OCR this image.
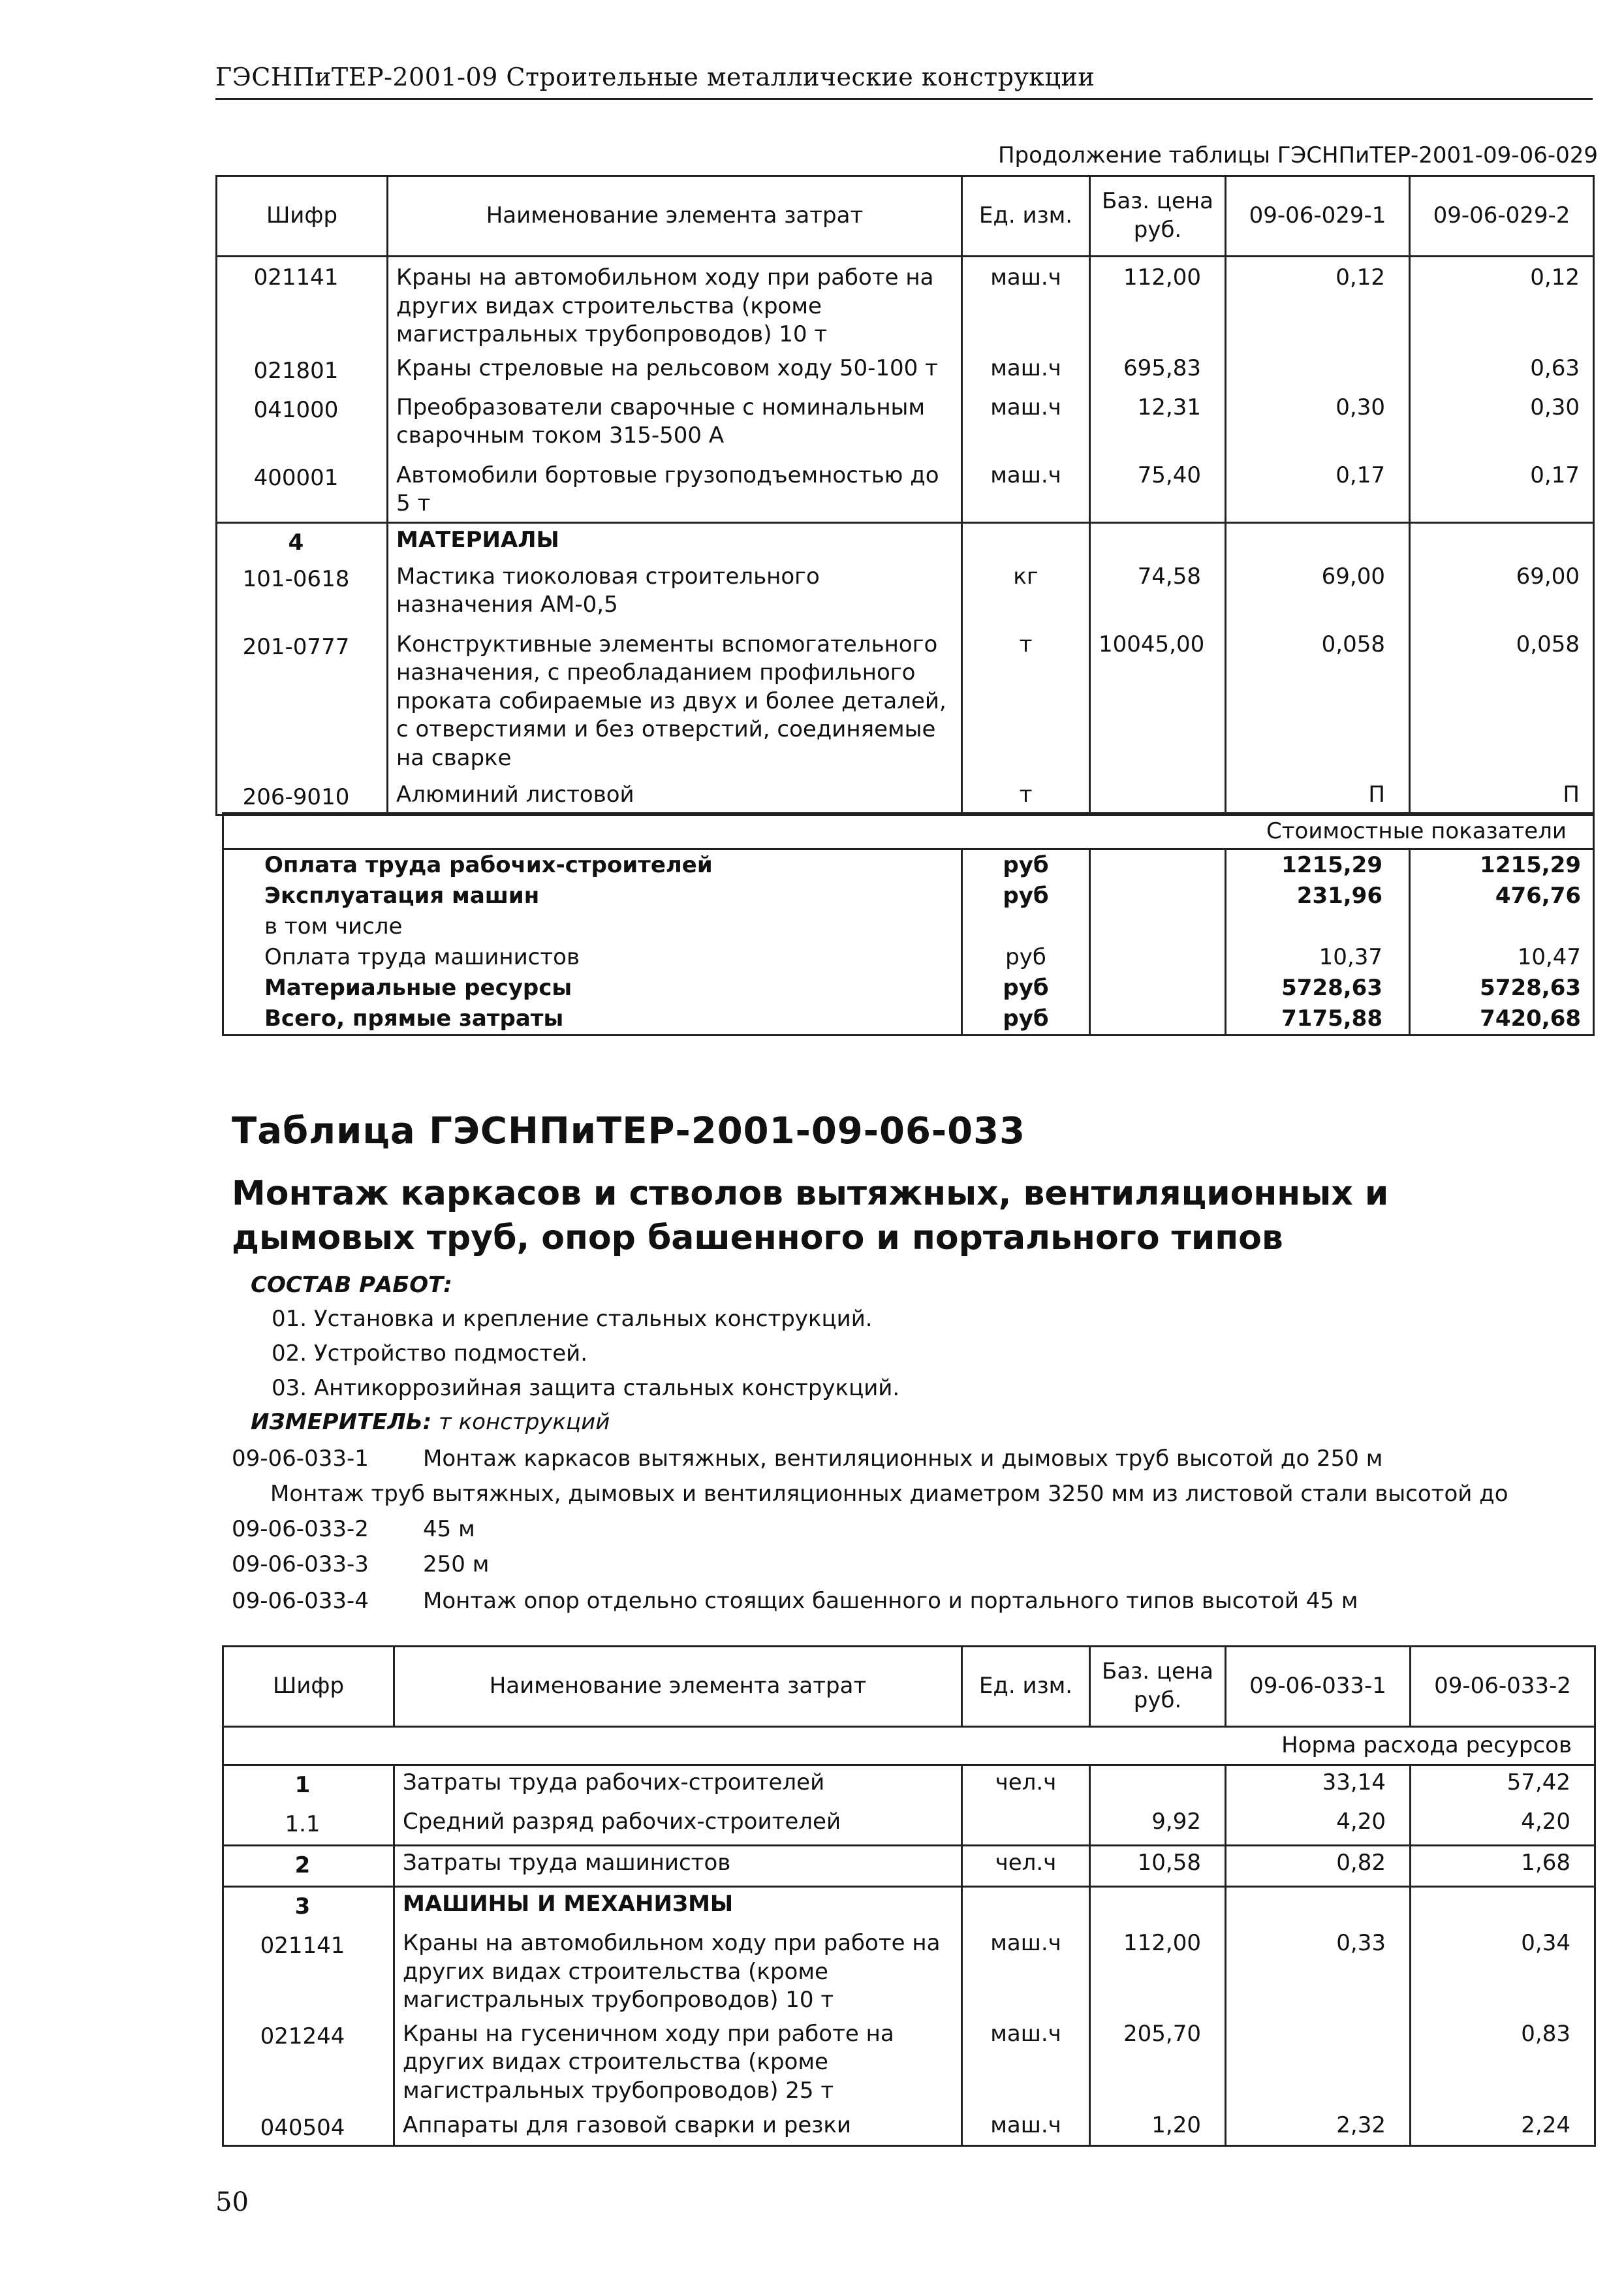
ГЭСНПиТЕР-2001-09 Строительные металлические конструкции
Продолжение таблицы ГЭСНПиТЕР-2001-09-06-029
Шифр	Наименование элемента затрат	Ед. изм.	Баз. цена руб.	09-06-029-1	09-06-029-2
021141	Краны на автомобильном ходу при работе на других видах строительства (кроме магистральных трубопроводов) 10 т	маш.ч	112,00	0,12	0,12
021801	Краны стреловые на рельсовом ходу 50-100 т	маш.ч	695,83		0,63
041000	Преобразователи сварочные с номинальным сварочным током 315-500 А	маш.ч	12,31	0,30	0,30
400001	Автомобили бортовые грузоподъемностью до 5 т	маш.ч	75,40	0,17	0,17
4	МАТЕРИАЛЫ				
101-0618	Мастика тиоколовая строительного назначения АМ-0,5	кг	74,58	69,00	69,00
201-0777	Конструктивные элементы вспомогательного назначения, с преобладанием профильного проката собираемые из двух и более деталей, с отверстиями и без отверстий, соединяемые на сварке	т	10045,00	0,058	0,058
206-9010	Алюминий листовой	т		П	П
Стоимостные показатели				
Оплата труда рабочих-строителей	руб		1215,29	1215,29
Эксплуатация машин	руб		231,96	476,76
в том числе				
Оплата труда машинистов	руб		10,37	10,47
Материальные ресурсы	руб		5728,63	5728,63
Всего, прямые затраты	руб		7175,88	7420,68
Таблица ГЭСНПиТЕР-2001-09-06-033
Монтаж каркасов и стволов вытяжных, вентиляционных и дымовых труб, опор башенного и портального типов
СОСТАВ РАБОТ:
01. Установка и крепление стальных конструкций.
02. Устройство подмостей.
03. Антикоррозийная защита стальных конструкций.
ИЗМЕРИТЕЛЬ: т конструкций
09-06-033-1 Монтаж каркасов вытяжных, вентиляционных и дымовых труб высотой до 250 м
Монтаж труб вытяжных, дымовых и вентиляционных диаметром 3250 мм из листовой стали высотой до
09-06-033-2 45 м
09-06-033-3 250 м
09-06-033-4 Монтаж опор отдельно стоящих башенного и портального типов высотой 45 м
Шифр	Наименование элемента затрат	Ед. изм.	Баз. цена руб.	09-06-033-1	09-06-033-2
Норма расхода ресурсов					
1	Затраты труда рабочих-строителей	чел.ч		33,14	57,42
1.1	Средний разряд рабочих-строителей		9,92	4,20	4,20
2	Затраты труда машинистов	чел.ч	10,58	0,82	1,68
3	МАШИНЫ И МЕХАНИЗМЫ				
021141	Краны на автомобильном ходу при работе на других видах строительства (кроме магистральных трубопроводов) 10 т	маш.ч	112,00	0,33	0,34
021244	Краны на гусеничном ходу при работе на других видах строительства (кроме магистральных трубопроводов) 25 т	маш.ч	205,70		0,83
040504	Аппараты для газовой сварки и резки	маш.ч	1,20	2,32	2,24
50
